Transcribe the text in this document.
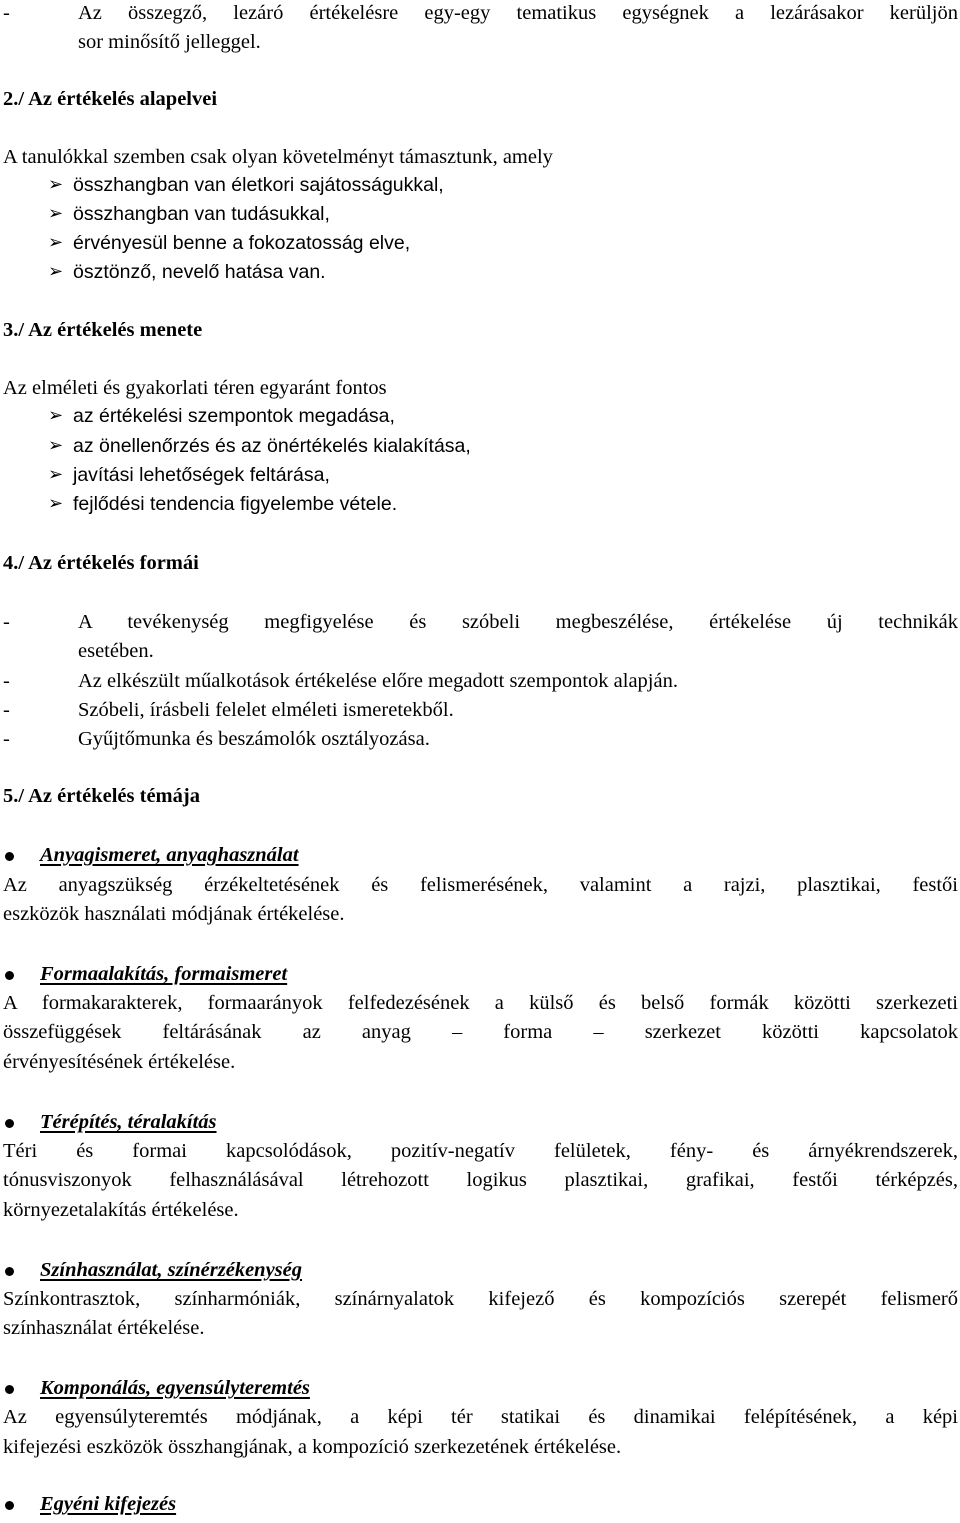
-	Az összegző, lezáró értékelésre egy-egy tematikus egységnek a lezárásakor kerüljön
sor minősítő jelleggel.
2./ Az értékelés alapelvei
A tanulókkal szemben csak olyan követelményt támasztunk, amely
➢ összhangban van életkori sajátosságukkal,
➢ összhangban van tudásukkal,
➢ érvényesül benne a fokozatosság elve,
➢ ösztönző, nevelő hatása van.
3./ Az értékelés menete
Az elméleti és gyakorlati téren egyaránt fontos
➢ az értékelési szempontok megadása,
➢ az önellenőrzés és az önértékelés kialakítása,
➢ javítási lehetőségek feltárása,
➢ fejlődési tendencia figyelembe vétele.
4./ Az értékelés formái
-	A tevékenység megfigyelése és szóbeli megbeszélése, értékelése új technikák
esetében.
-	Az elkészült műalkotások értékelése előre megadott szempontok alapján.
-	Szóbeli, írásbeli felelet elméleti ismeretekből.
-	Gyűjtőmunka és beszámolók osztályozása.
5./ Az értékelés témája
Anyagismeret, anyaghasználat
Az anyagszükség érzékeltetésének és felismerésének, valamint a rajzi, plasztikai, festői
eszközök használati módjának értékelése.
Formaalakítás, formaismeret
A formakarakterek, formaarányok felfedezésének a külső és belső formák közötti szerkezeti
összefüggések feltárásának az anyag – forma – szerkezet közötti kapcsolatok
érvényesítésének értékelése.
Térépítés, téralakítás
Téri és formai kapcsolódások, pozitív-negatív felületek, fény- és árnyékrendszerek,
tónusviszonyok felhasználásával létrehozott logikus plasztikai, grafikai, festői térképzés,
környezetalakítás értékelése.
Színhasználat, színérzékenység
Színkontrasztok, színharmóniák, színárnyalatok kifejező és kompozíciós szerepét felismerő
színhasználat értékelése.
Komponálás, egyensúlyteremtés
Az egyensúlyteremtés módjának, a képi tér statikai és dinamikai felépítésének, a képi
kifejezési eszközök összhangjának, a kompozíció szerkezetének értékelése.
Egyéni kifejezés
